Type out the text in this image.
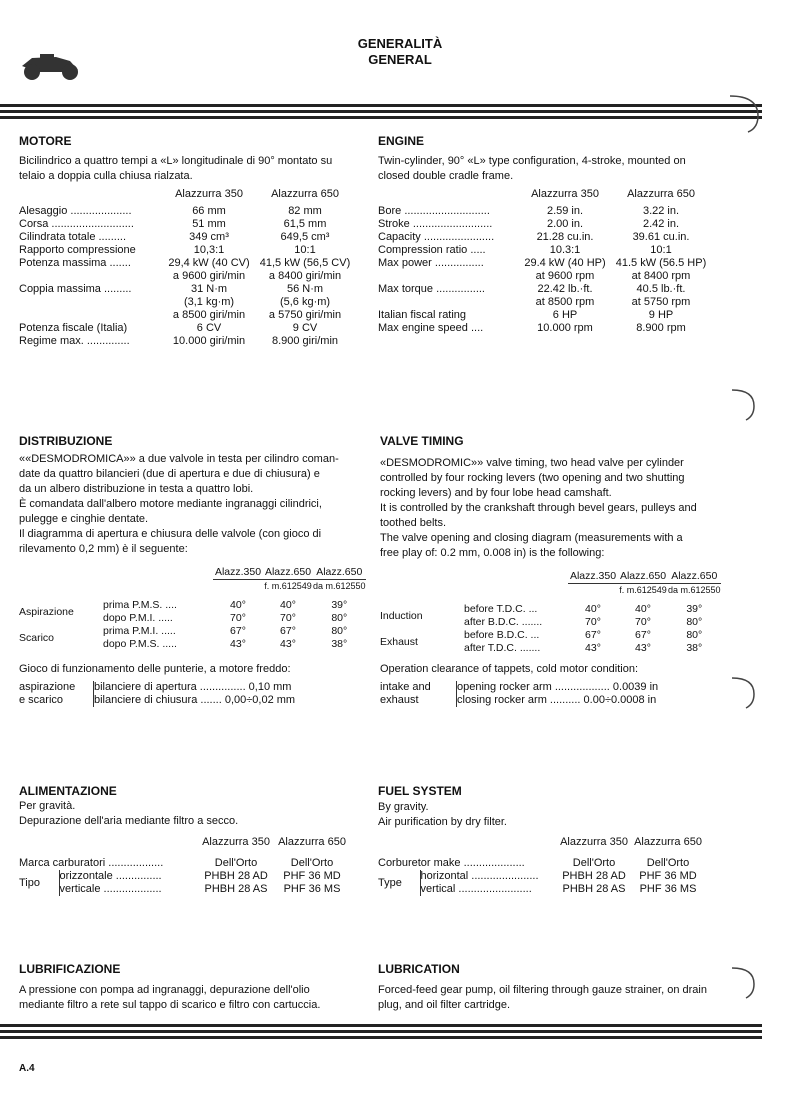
GENERALITÀ
GENERAL
MOTORE
Bicilindrico a quattro tempi a «L» longitudinale di 90° montato su telaio a doppia culla chiusa rialzata.
	Alazzurra 350	Alazzurra 650

Alesaggio ....................	66 mm	82 mm
Corsa ...........................	51 mm	61,5 mm
Cilindrata totale .........	349 cm³	649,5 cm³
Rapporto compressione	10,3:1	10:1
Potenza massima .......	29,4 kW (40 CV)	41,5 kW (56,5 CV)
	a 9600 giri/min	a 8400 giri/min
Coppia massima .........	31 N·m	56 N·m
	(3,1 kg·m)	(5,6 kg·m)
	a 8500 giri/min	a 5750 giri/min
Potenza fiscale (Italia)	6 CV	9 CV
Regime max. ..............	10.000 giri/min	8.900 giri/min
ENGINE
Twin-cylinder, 90° «L» type configuration, 4-stroke, mounted on closed double cradle frame.
	Alazzurra 350	Alazzurra 650

Bore ............................	2.59 in.	3.22 in.
Stroke ..........................	2.00 in.	2.42 in.
Capacity .......................	21.28 cu.in.	39.61 cu.in.
Compression ratio .....	10.3:1	10:1
Max power ................	29.4 kW (40 HP)	41.5 kW (56.5 HP)
	at 9600 rpm	at 8400 rpm
Max torque ................	22.42 lb.·ft.	40.5 lb.·ft.
	at 8500 rpm	at 5750 rpm
Italian fiscal rating	6 HP	9 HP
Max engine speed ....	10.000 rpm	8.900 rpm
DISTRIBUZIONE
««DESMODROMICA»» a due valvole in testa per cilindro coman-
date da quattro bilancieri (due di apertura e due di chiusura) e
da un albero distribuzione in testa a quattro lobi.
È comandata dall'albero motore mediante ingranaggi cilindrici,
pulegge e cinghie dentate.
Il diagramma di apertura e chiusura delle valvole (con gioco di
rilevamento 0,2 mm) è il seguente:
		Alazz.350	Alazz.650	Alazz.650
			f. m.612549	da m.612550

Aspirazione	prima P.M.S. ....	40°	40°	39°
	dopo P.M.I. .....	70°	70°	80°
Scarico	prima P.M.I. .....	67°	67°	80°
	dopo P.M.S. .....	43°	43°	38°
Gioco di funzionamento delle punterie, a motore freddo:
aspirazione	bilanciere di apertura ............... 0,10 mm
e scarico	bilanciere di chiusura ....... 0,00÷0,02 mm
VALVE TIMING
«DESMODROMIC»» valve timing, two head valve per cylinder
controlled by four rocking levers (two opening and two shutting
rocking levers) and by four lobe head camshaft.
It is controlled by the crankshaft through bevel gears, pulleys and
toothed belts.
The valve opening and closing diagram (measurements with a
free play of: 0.2 mm, 0.008 in) is the following:
		Alazz.350	Alazz.650	Alazz.650
			f. m.612549	da m.612550

Induction	before T.D.C. ...	40°	40°	39°
	after B.D.C. .......	70°	70°	80°
Exhaust	before B.D.C. ...	67°	67°	80°
	after T.D.C. .......	43°	43°	38°
Operation clearance of tappets, cold motor condition:
intake and	opening rocker arm .................. 0.0039 in
exhaust	closing rocker arm .......... 0.00÷0.0008 in
ALIMENTAZIONE
Per gravità.
Depurazione dell'aria mediante filtro a secco.
		Alazzurra 350	Alazzurra 650

Marca carburatori ..................		Dell'Orto	Dell'Orto
Tipo	orizzontale ...............	PHBH 28 AD	PHF 36 MD
	verticale ...................	PHBH 28 AS	PHF 36 MS
FUEL SYSTEM
By gravity.
Air purification by dry filter.
		Alazzurra 350	Alazzurra 650

Corburetor make ....................		Dell'Orto	Dell'Orto
Type	horizontal ......................	PHBH 28 AD	PHF 36 MD
	vertical ........................	PHBH 28 AS	PHF 36 MS
LUBRIFICAZIONE
A pressione con pompa ad ingranaggi, depurazione dell'olio mediante filtro a rete sul tappo di scarico e filtro con cartuccia.
LUBRICATION
Forced-feed gear pump, oil filtering through gauze strainer, on drain plug, and oil filter cartridge.
A.4
